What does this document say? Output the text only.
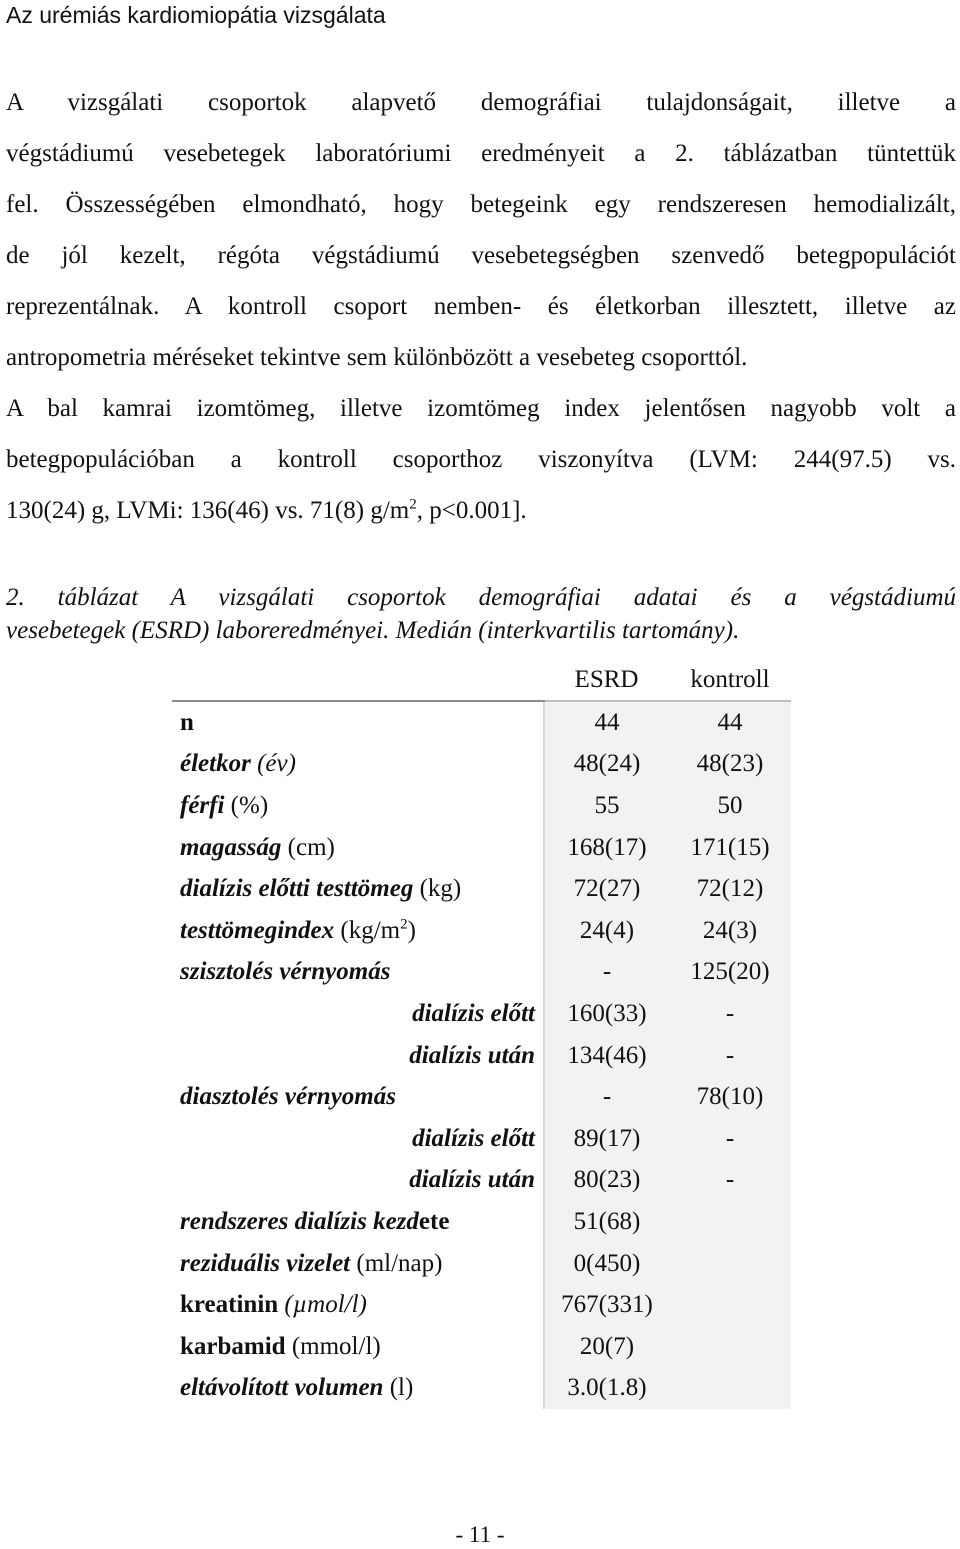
Az urémiás kardiomiopátia vizsgálata
A vizsgálati csoportok alapvető demográfiai tulajdonságait, illetve a
végstádiumú vesebetegek laboratóriumi eredményeit a 2. táblázatban tüntettük
fel. Összességében elmondható, hogy betegeink egy rendszeresen hemodializált,
de jól kezelt, régóta végstádiumú vesebetegségben szenvedő betegpopulációt
reprezentálnak. A kontroll csoport nemben- és életkorban illesztett, illetve az
antropometria méréseket tekintve sem különbözött a vesebeteg csoporttól.
A bal kamrai izomtömeg, illetve izomtömeg index jelentősen nagyobb volt a
betegpopulációban a kontroll csoporthoz viszonyítva (LVM: 244(97.5) vs.
130(24) g, LVMi: 136(46) vs. 71(8) $g/m^2$, p<0.001].
2. táblázat A vizsgálati csoportok demográfiai adatai és a végstádiumú
vesebetegek (ESRD) laboreredményei. Medián (interkvartilis tartomány).
	ESRD	kontroll
n	44	44
életkor (év)	48(24)	48(23)
férfi (%)	55	50
magasság (cm)	168(17)	171(15)
dialízis előtti testtömeg (kg)	72(27)	72(12)
testtömegindex $(kg/m^2)$	24(4)	24(3)
szisztolés vérnyomás	-	125(20)
dialízis előtt	160(33)	-
dialízis után	134(46)	-
diasztolés vérnyomás	-	78(10)
dialízis előtt	89(17)	-
dialízis után	80(23)	-
rendszeres dialízis kezdete	51(68)	
reziduális vizelet (ml/nap)	0(450)	
kreatinin (µmol/l)	767(331)	
karbamid (mmol/l)	20(7)	
eltávolított volumen (l)	3.0(1.8)	
- 11 -
